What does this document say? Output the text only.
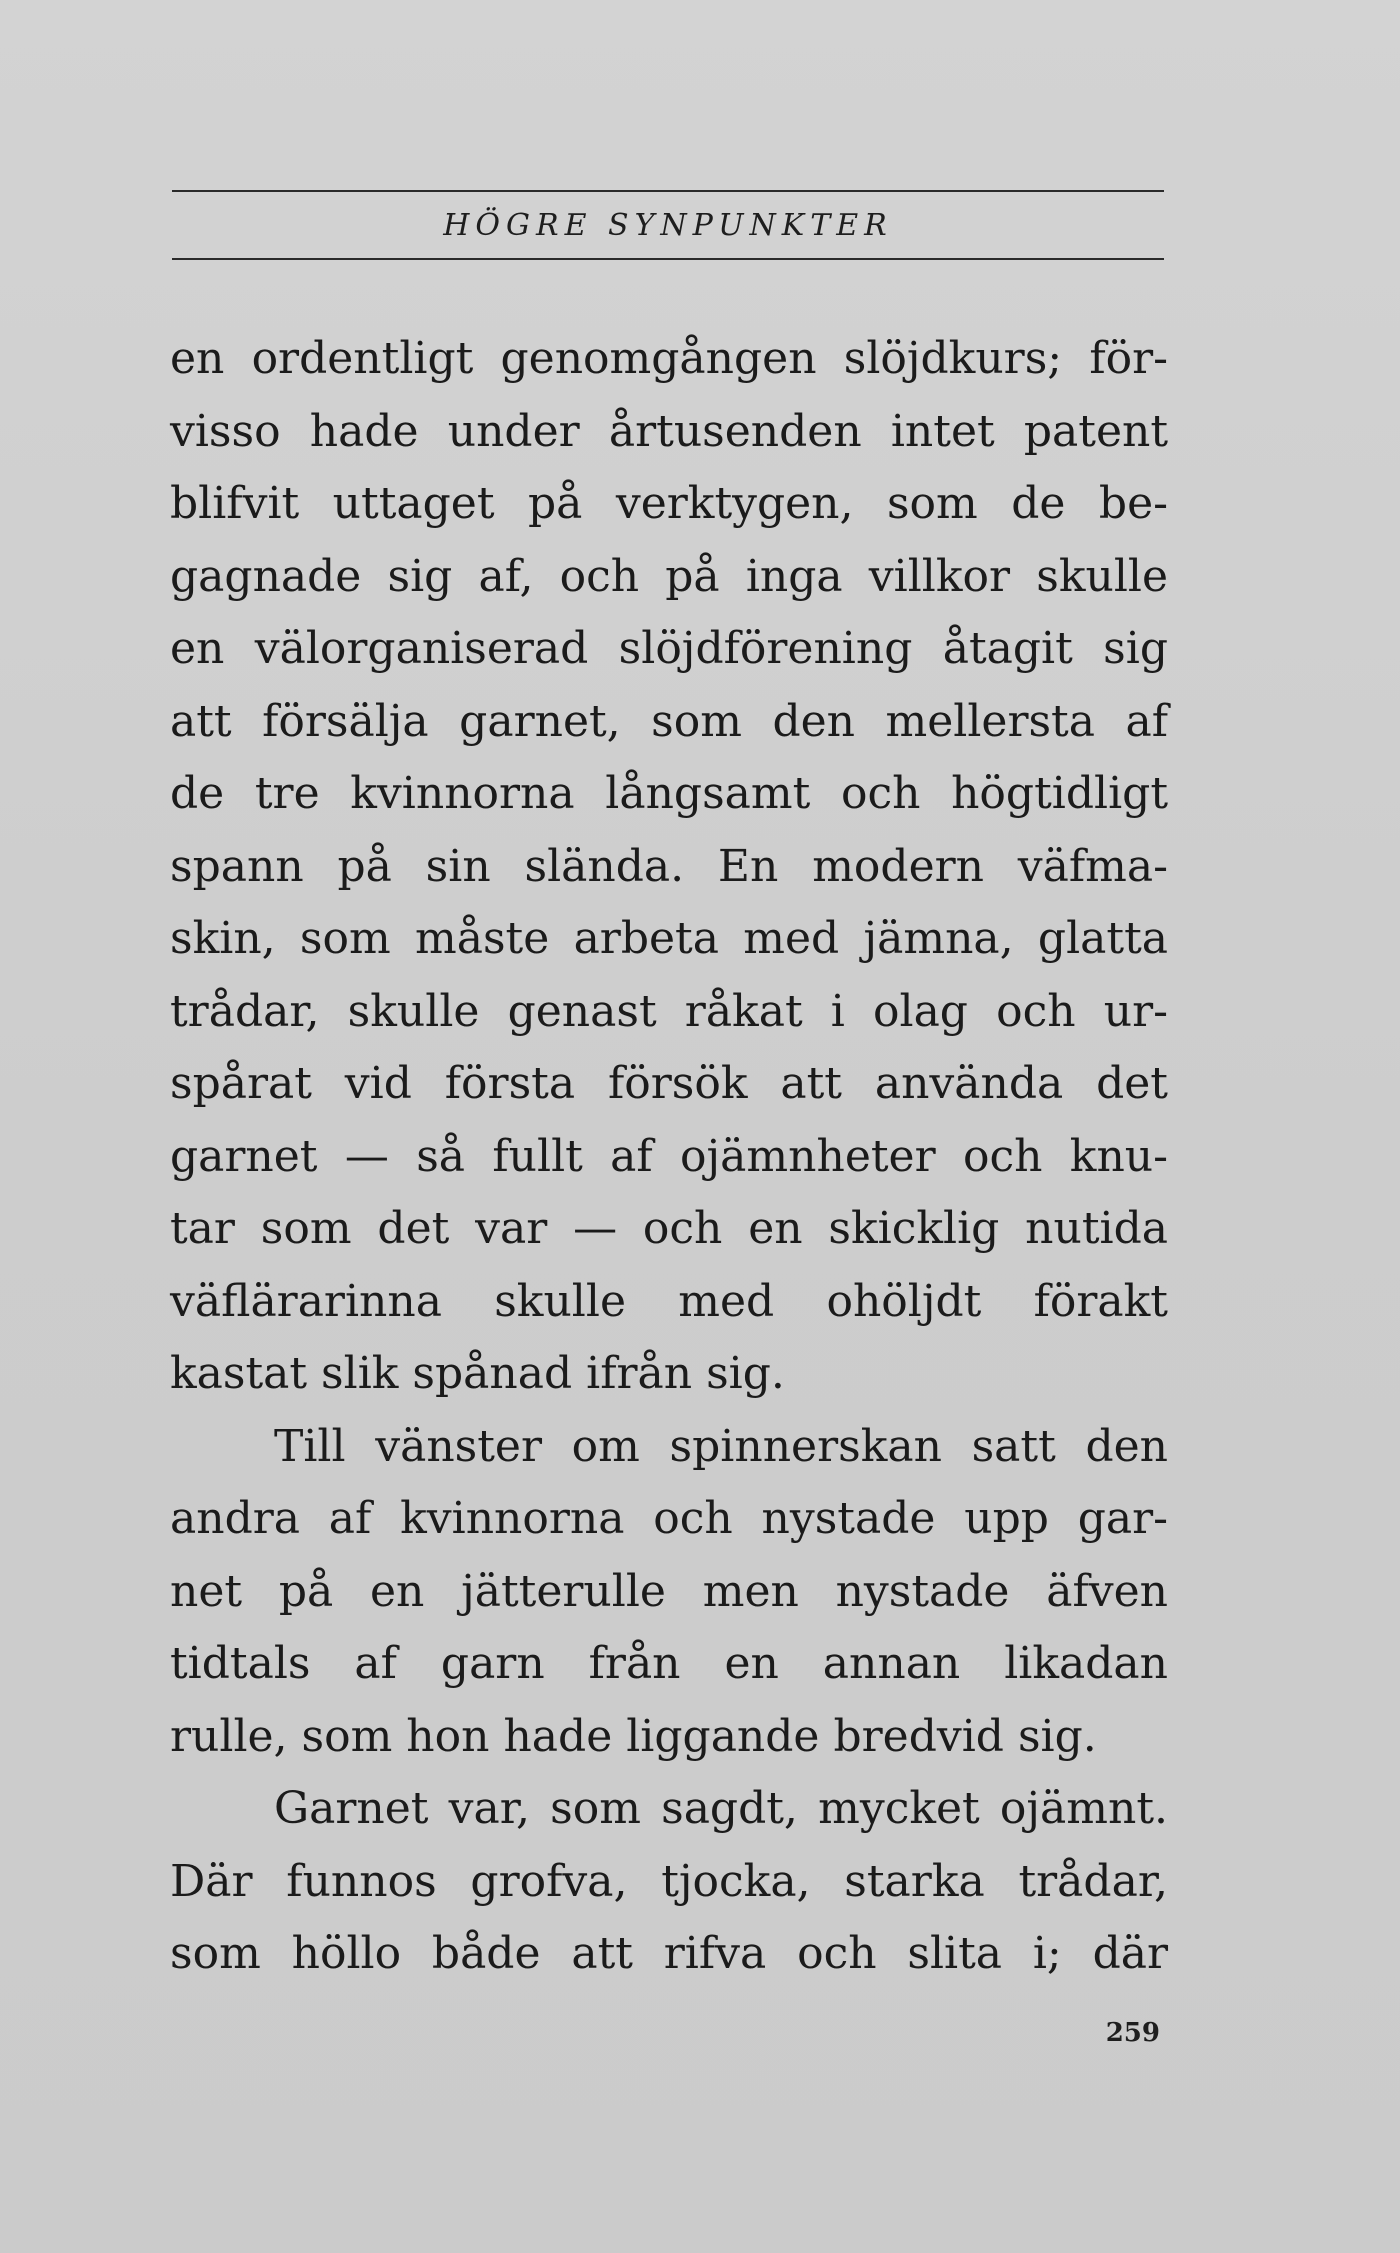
HÖGRE SYNPUNKTER
en ordentligt genomgången slöjdkurs; för-
visso hade under årtusenden intet patent
blifvit uttaget på verktygen, som de be-
gagnade sig af, och på inga villkor skulle
en välorganiserad slöjdförening åtagit sig
att försälja garnet, som den mellersta af
de tre kvinnorna långsamt och högtidligt
spann på sin slända. En modern väfma-
skin, som måste arbeta med jämna, glatta
trådar, skulle genast råkat i olag och ur-
spårat vid första försök att använda det
garnet — så fullt af ojämnheter och knu-
tar som det var — och en skicklig nutida
väflärarinna skulle med ohöljdt förakt
kastat slik spånad ifrån sig.
Till vänster om spinnerskan satt den
andra af kvinnorna och nystade upp gar-
net på en jätterulle men nystade äfven
tidtals af garn från en annan likadan
rulle, som hon hade liggande bredvid sig.
Garnet var, som sagdt, mycket ojämnt.
Där funnos grofva, tjocka, starka trådar,
som höllo både att rifva och slita i; där
259
